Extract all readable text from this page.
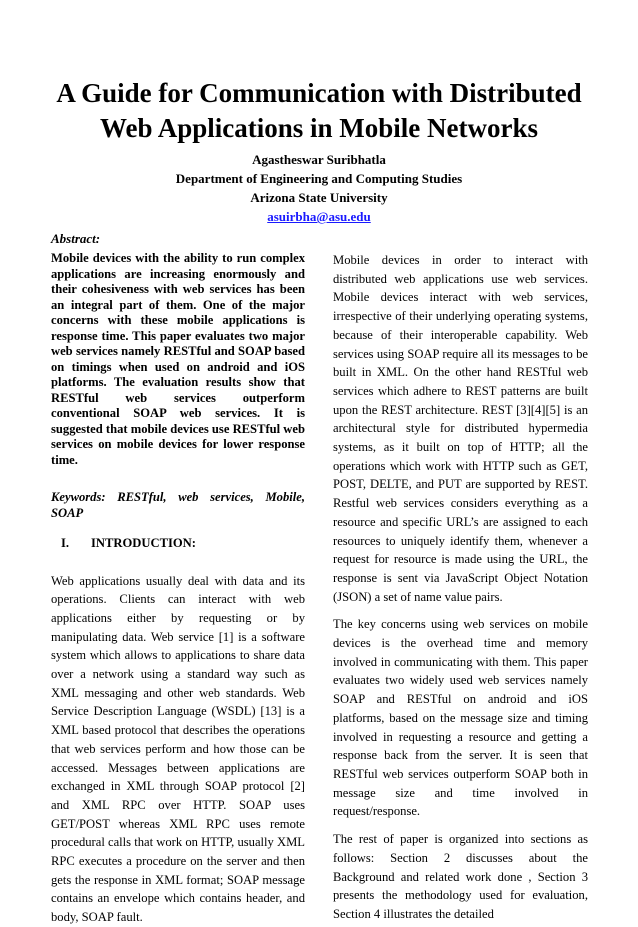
A Guide for Communication with Distributed
Web Applications in Mobile Networks
Agastheswar Suribhatla
Department of Engineering and Computing Studies
Arizona State University
asuirbha@asu.edu
Abstract:

Mobile devices with the ability to run complex applications are increasing enormously and their cohesiveness with web services has been an integral part of them. One of the major concerns with these mobile applications is response time. This paper evaluates two major web services namely RESTful and SOAP based on timings when used on android and iOS platforms. The evaluation results show that RESTful web services outperform conventional SOAP web services. It is suggested that mobile devices use RESTful web services on mobile devices for lower response time.

Keywords: RESTful, web services, Mobile, SOAP

I. INTRODUCTION:

Web applications usually deal with data and its operations. Clients can interact with web applications either by requesting or by manipulating data. Web service [1] is a software system which allows to applications to share data over a network using a standard way such as XML messaging and other web standards. Web Service Description Language (WSDL) [13] is a XML based protocol that describes the operations that web services perform and how those can be accessed. Messages between applications are exchanged in XML through SOAP protocol [2] and XML RPC over HTTP. SOAP uses GET/POST whereas XML RPC uses remote procedural calls that work on HTTP, usually XML RPC executes a procedure on the server and then gets the response in XML format; SOAP message contains an envelope which contains header, and body, SOAP fault.

Mobile devices in order to interact with distributed web applications use web services. Mobile devices interact with web services, irrespective of their underlying operating systems, because of their interoperable capability. Web services using SOAP require all its messages to be built in XML. On the other hand RESTful web services which adhere to REST patterns are built upon the REST architecture. REST [3][4][5] is an architectural style for distributed hypermedia systems, as it built on top of HTTP; all the operations which work with HTTP such as GET, POST, DELTE, and PUT are supported by REST. Restful web services considers everything as a resource and specific URL’s are assigned to each resources to uniquely identify them, whenever a request for resource is made using the URL, the response is sent via JavaScript Object Notation (JSON) a set of name value pairs.

The key concerns using web services on mobile devices is the overhead time and memory involved in communicating with them. This paper evaluates two widely used web services namely SOAP and RESTful on android and iOS platforms, based on the message size and timing involved in requesting a resource and getting a response back from the server. It is seen that RESTful web services outperform SOAP both in message size and time involved in request/response.

The rest of paper is organized into sections as follows: Section 2 discusses about the Background and related work done , Section 3 presents the methodology used for evaluation, Section 4 illustrates the detailed
